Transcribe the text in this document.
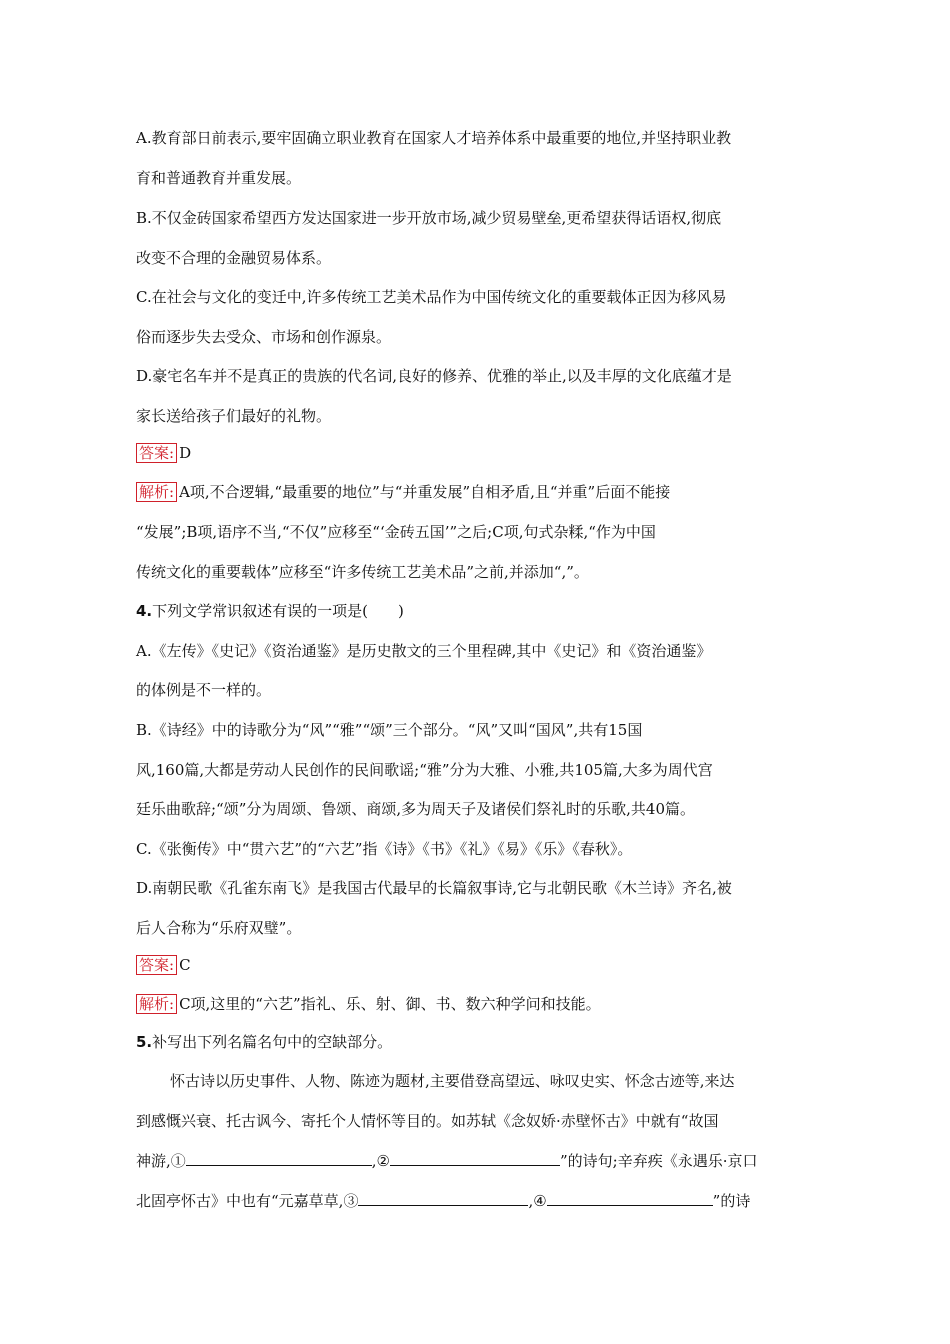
A.教育部日前表示,要牢固确立职业教育在国家人才培养体系中最重要的地位,并坚持职业教
育和普通教育并重发展。
B.不仅金砖国家希望西方发达国家进一步开放市场,减少贸易壁垒,更希望获得话语权,彻底
改变不合理的金融贸易体系。
C.在社会与文化的变迁中,许多传统工艺美术品作为中国传统文化的重要载体正因为移风易
俗而逐步失去受众、市场和创作源泉。
D.豪宅名车并不是真正的贵族的代名词,良好的修养、优雅的举止,以及丰厚的文化底蕴才是
家长送给孩子们最好的礼物。
答案: D
解析: A项,不合逻辑,“最重要的地位”与“并重发展”自相矛盾,且“并重”后面不能接
“发展”;B项,语序不当,“不仅”应移至“‘金砖五国’”之后;C项,句式杂糅,“作为中国
传统文化的重要载体”应移至“许多传统工艺美术品”之前,并添加“,”。
4.下列文学常识叙述有误的一项是(　　)
A.《左传》《史记》《资治通鉴》是历史散文的三个里程碑,其中《史记》和《资治通鉴》
的体例是不一样的。
B.《诗经》中的诗歌分为“风”“雅”“颂”三个部分。“风”又叫“国风”,共有15国
风,160篇,大都是劳动人民创作的民间歌谣;“雅”分为大雅、小雅,共105篇,大多为周代宫
廷乐曲歌辞;“颂”分为周颂、鲁颂、商颂,多为周天子及诸侯们祭礼时的乐歌,共40篇。
C.《张衡传》中“贯六艺”的“六艺”指《诗》《书》《礼》《易》《乐》《春秋》。
D.南朝民歌《孔雀东南飞》是我国古代最早的长篇叙事诗,它与北朝民歌《木兰诗》齐名,被
后人合称为“乐府双璧”。
答案: C
解析: C项,这里的“六艺”指礼、乐、射、御、书、数六种学问和技能。
5.补写出下列名篇名句中的空缺部分。
怀古诗以历史事件、人物、陈迹为题材,主要借登高望远、咏叹史实、怀念古迹等,来达
到感慨兴衰、托古讽今、寄托个人情怀等目的。如苏轼《念奴娇·赤壁怀古》中就有“故国
神游,①	,②	”的诗句;辛弃疾《永遇乐·京口
北固亭怀古》中也有“元嘉草草,③	,④	”的诗
